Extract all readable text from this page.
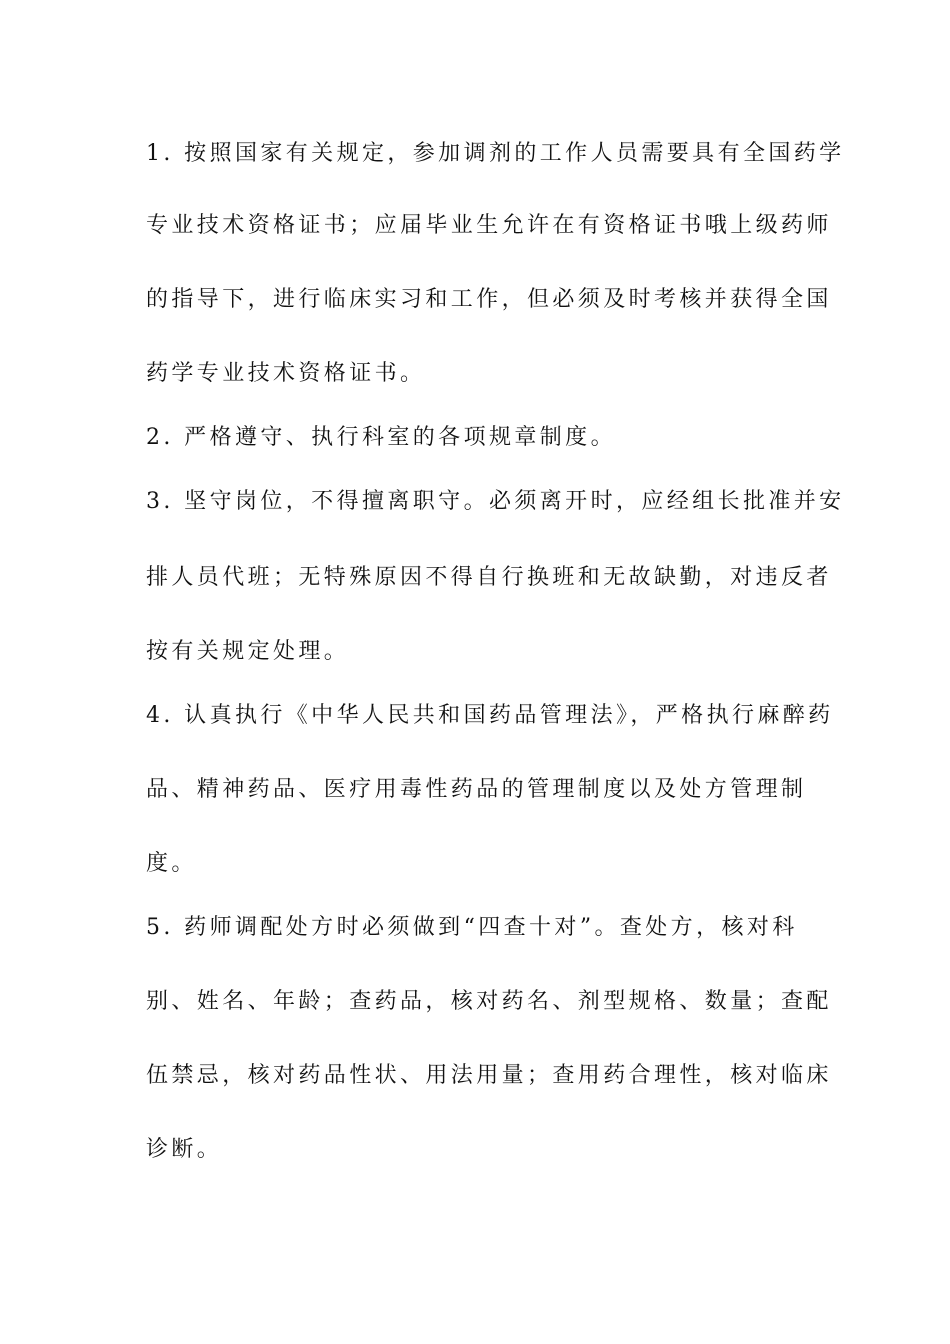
1. 按照国家有关规定，参加调剂的工作人员需要具有全国药学
专业技术资格证书；应届毕业生允许在有资格证书哦上级药师
的指导下，进行临床实习和工作，但必须及时考核并获得全国
药学专业技术资格证书。
2. 严格遵守、执行科室的各项规章制度。
3. 坚守岗位，不得擅离职守。必须离开时，应经组长批准并安
排人员代班；无特殊原因不得自行换班和无故缺勤，对违反者
按有关规定处理。
4. 认真执行《中华人民共和国药品管理法》，严格执行麻醉药
品、精神药品、医疗用毒性药品的管理制度以及处方管理制
度。
5. 药师调配处方时必须做到“四查十对”。查处方，核对科
别、姓名、年龄；查药品，核对药名、剂型规格、数量；查配
伍禁忌，核对药品性状、用法用量；查用药合理性，核对临床
诊断。
